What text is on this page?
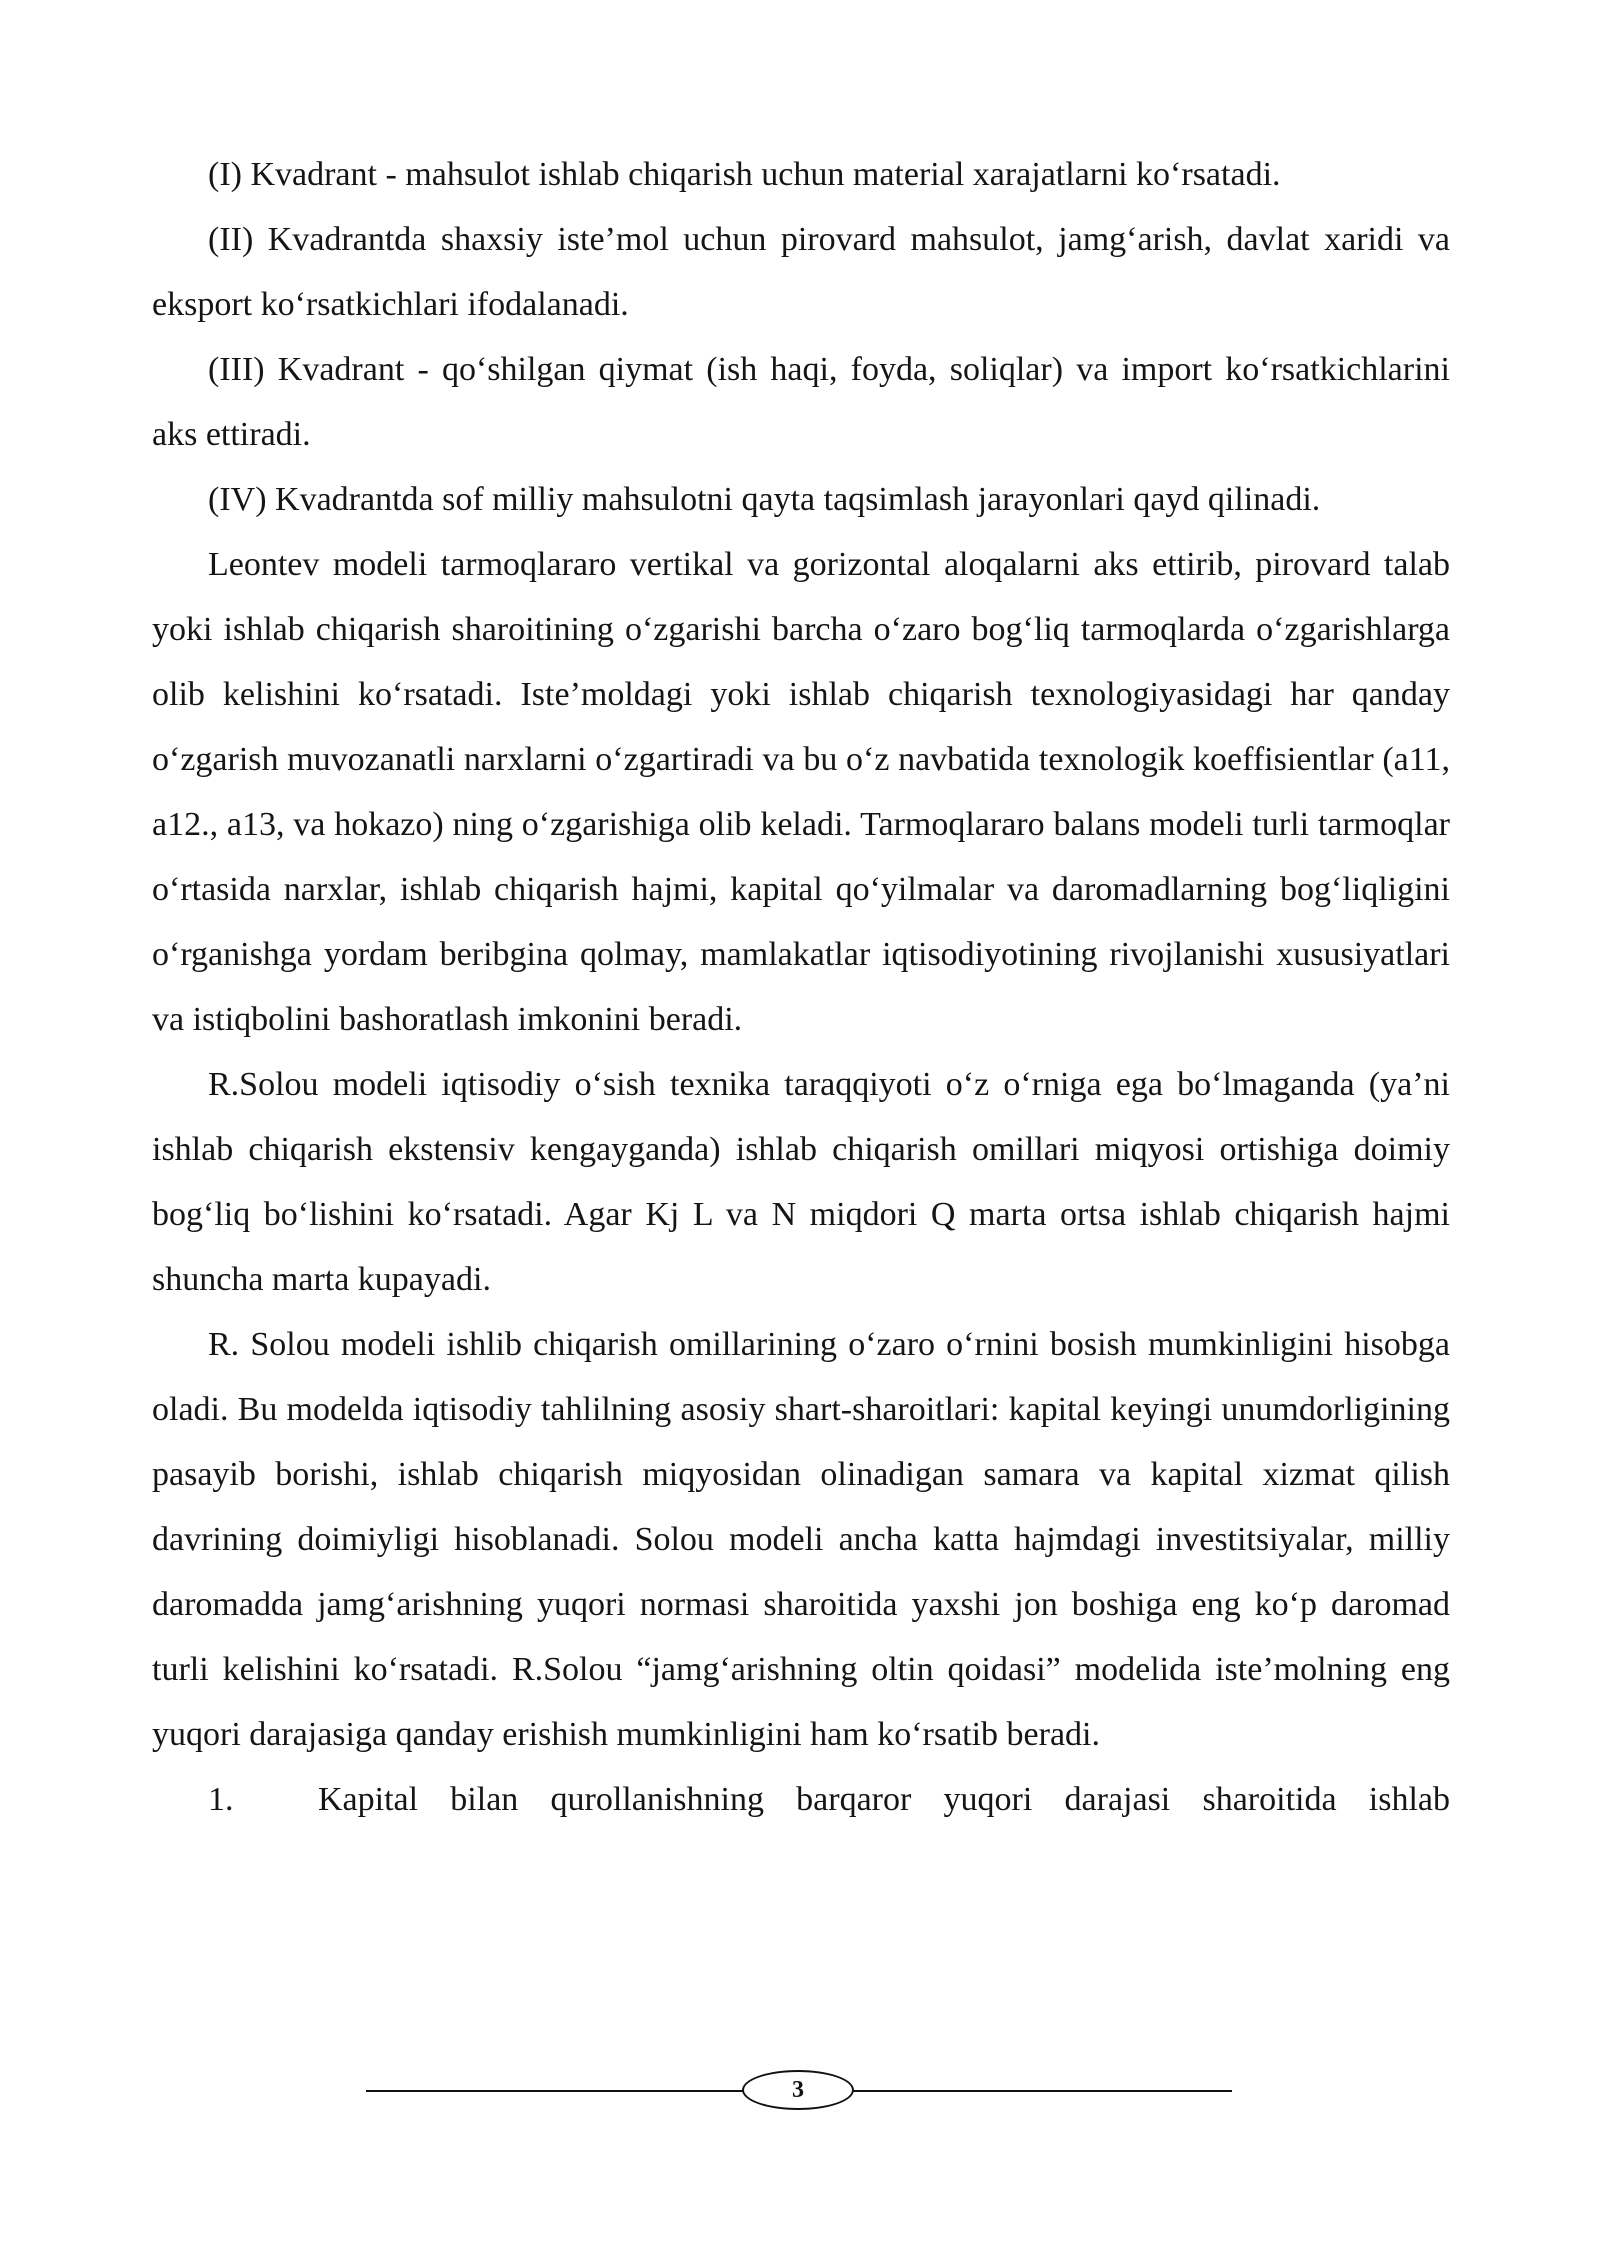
(I) Kvadrant - mahsulot ishlab chiqarish uchun material xarajatlarni ko‘rsatadi.

(II) Kvadrantda shaxsiy iste’mol uchun pirovard mahsulot, jamg‘arish, davlat xaridi va eksport ko‘rsatkichlari ifodalanadi.

(III) Kvadrant - qo‘shilgan qiymat (ish haqi, foyda, soliqlar) va import ko‘rsatkichlarini aks ettiradi.

(IV) Kvadrantda sof milliy mahsulotni qayta taqsimlash jarayonlari qayd qilinadi.

Leontev modeli tarmoqlararo vertikal va gorizontal aloqalarni aks ettirib, pirovard talab yoki ishlab chiqarish sharoitining o‘zgarishi barcha o‘zaro bog‘liq tarmoqlarda o‘zgarishlarga olib kelishini ko‘rsatadi. Iste’moldagi yoki ishlab chiqarish texnologiyasidagi har qanday o‘zgarish muvozanatli narxlarni o‘zgartiradi va bu o‘z navbatida texnologik koeffisientlar (a11, a12., a13, va hokazo) ning o‘zgarishiga olib keladi. Tarmoqlararo balans modeli turli tarmoqlar o‘rtasida narxlar, ishlab chiqarish hajmi, kapital qo‘yilmalar va daromadlarning bog‘liqligini o‘rganishga yordam beribgina qolmay, mamlakatlar iqtisodiyotining rivojlanishi xususiyatlari va istiqbolini bashoratlash imkonini beradi.

R.Solou modeli iqtisodiy o‘sish texnika taraqqiyoti o‘z o‘rniga ega bo‘lmaganda (ya’ni ishlab chiqarish ekstensiv kengayganda) ishlab chiqarish omillari miqyosi ortishiga doimiy bog‘liq bo‘lishini ko‘rsatadi. Agar Kj L va N miqdori Q marta ortsa ishlab chiqarish hajmi shuncha marta kupayadi.

R. Solou modeli ishlib chiqarish omillarining o‘zaro o‘rnini bosish mumkinligini hisobga oladi. Bu modelda iqtisodiy tahlilning asosiy shart-sharoitlari: kapital keyingi unumdorligining pasayib borishi, ishlab chiqarish miqyosidan olinadigan samara va kapital xizmat qilish davrining doimiyligi hisoblanadi. Solou modeli ancha katta hajmdagi investitsiyalar, milliy daromadda jamg‘arishning yuqori normasi sharoitida yaxshi jon boshiga eng ko‘p daromad turli kelishini ko‘rsatadi. R.Solou “jamg‘arishning oltin qoidasi” modelida iste’molning eng yuqori darajasiga qanday erishish mumkinligini ham ko‘rsatib beradi.

1.	Kapital bilan qurollanishning barqaror yuqori darajasi sharoitida ishlab
3
